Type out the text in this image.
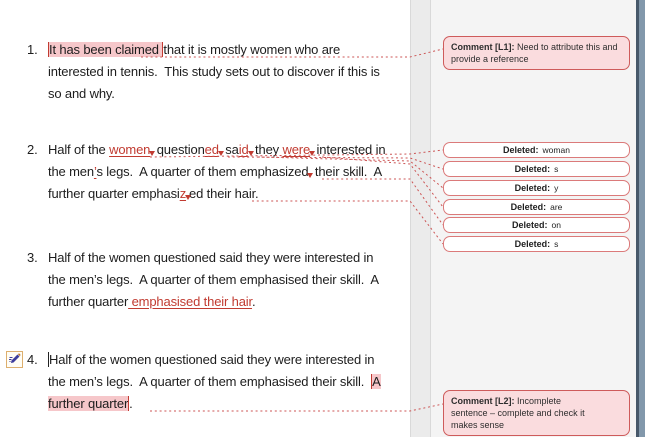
1. It has been claimed that it is mostly women who are
interested in tennis.  This study sets out to discover if this is
so and why.
2. Half of the women questioned said they were interested in
the men’s legs.  A quarter of them emphasized their skill.  A
further quarter emphasiz ed their hair.
3. Half of the women questioned said they were interested in
the men’s legs.  A quarter of them emphasised their skill.  A
further quarter emphasised their hair.
4. Half of the women questioned said they were interested in
the men’s legs.  A quarter of them emphasised their skill.  A
further quarter.
Comment [L1]: Need to attribute this and provide a reference
Comment [L2]: Incomplete sentence – complete and check it makes sense
Deleted: woman
Deleted: s
Deleted: y
Deleted: are
Deleted: on
Deleted: s
